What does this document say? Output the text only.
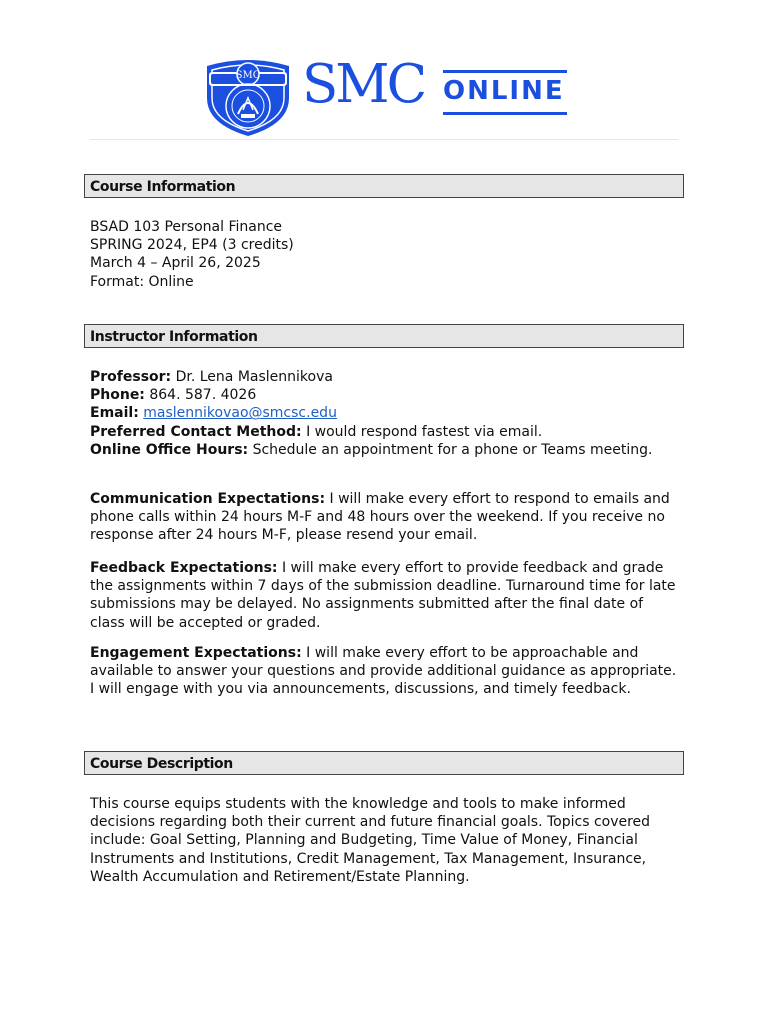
SMC SMC ONLINE
Course Information

BSAD 103 Personal Finance

SPRING 2024, EP4 (3 credits)

March 4 – April 26, 2025

Format: Online

Instructor Information

Professor: Dr. Lena Maslennikova

Phone: 864. 587. 4026

Email: maslennikovao@smcsc.edu

Preferred Contact Method: I would respond fastest via email.

Online Office Hours: Schedule an appointment for a phone or Teams meeting.

Communication Expectations: I will make every effort to respond to emails and phone calls within 24 hours M-F and 48 hours over the weekend. If you receive no response after 24 hours M-F, please resend your email.

Feedback Expectations: I will make every effort to provide feedback and grade the assignments within 7 days of the submission deadline. Turnaround time for late submissions may be delayed. No assignments submitted after the final date of class will be accepted or graded.

Engagement Expectations: I will make every effort to be approachable and available to answer your questions and provide additional guidance as appropriate. I will engage with you via announcements, discussions, and timely feedback.

Course Description

This course equips students with the knowledge and tools to make informed decisions regarding both their current and future financial goals. Topics covered include: Goal Setting, Planning and Budgeting, Time Value of Money, Financial Instruments and Institutions, Credit Management, Tax Management, Insurance, Wealth Accumulation and Retirement/Estate Planning.
